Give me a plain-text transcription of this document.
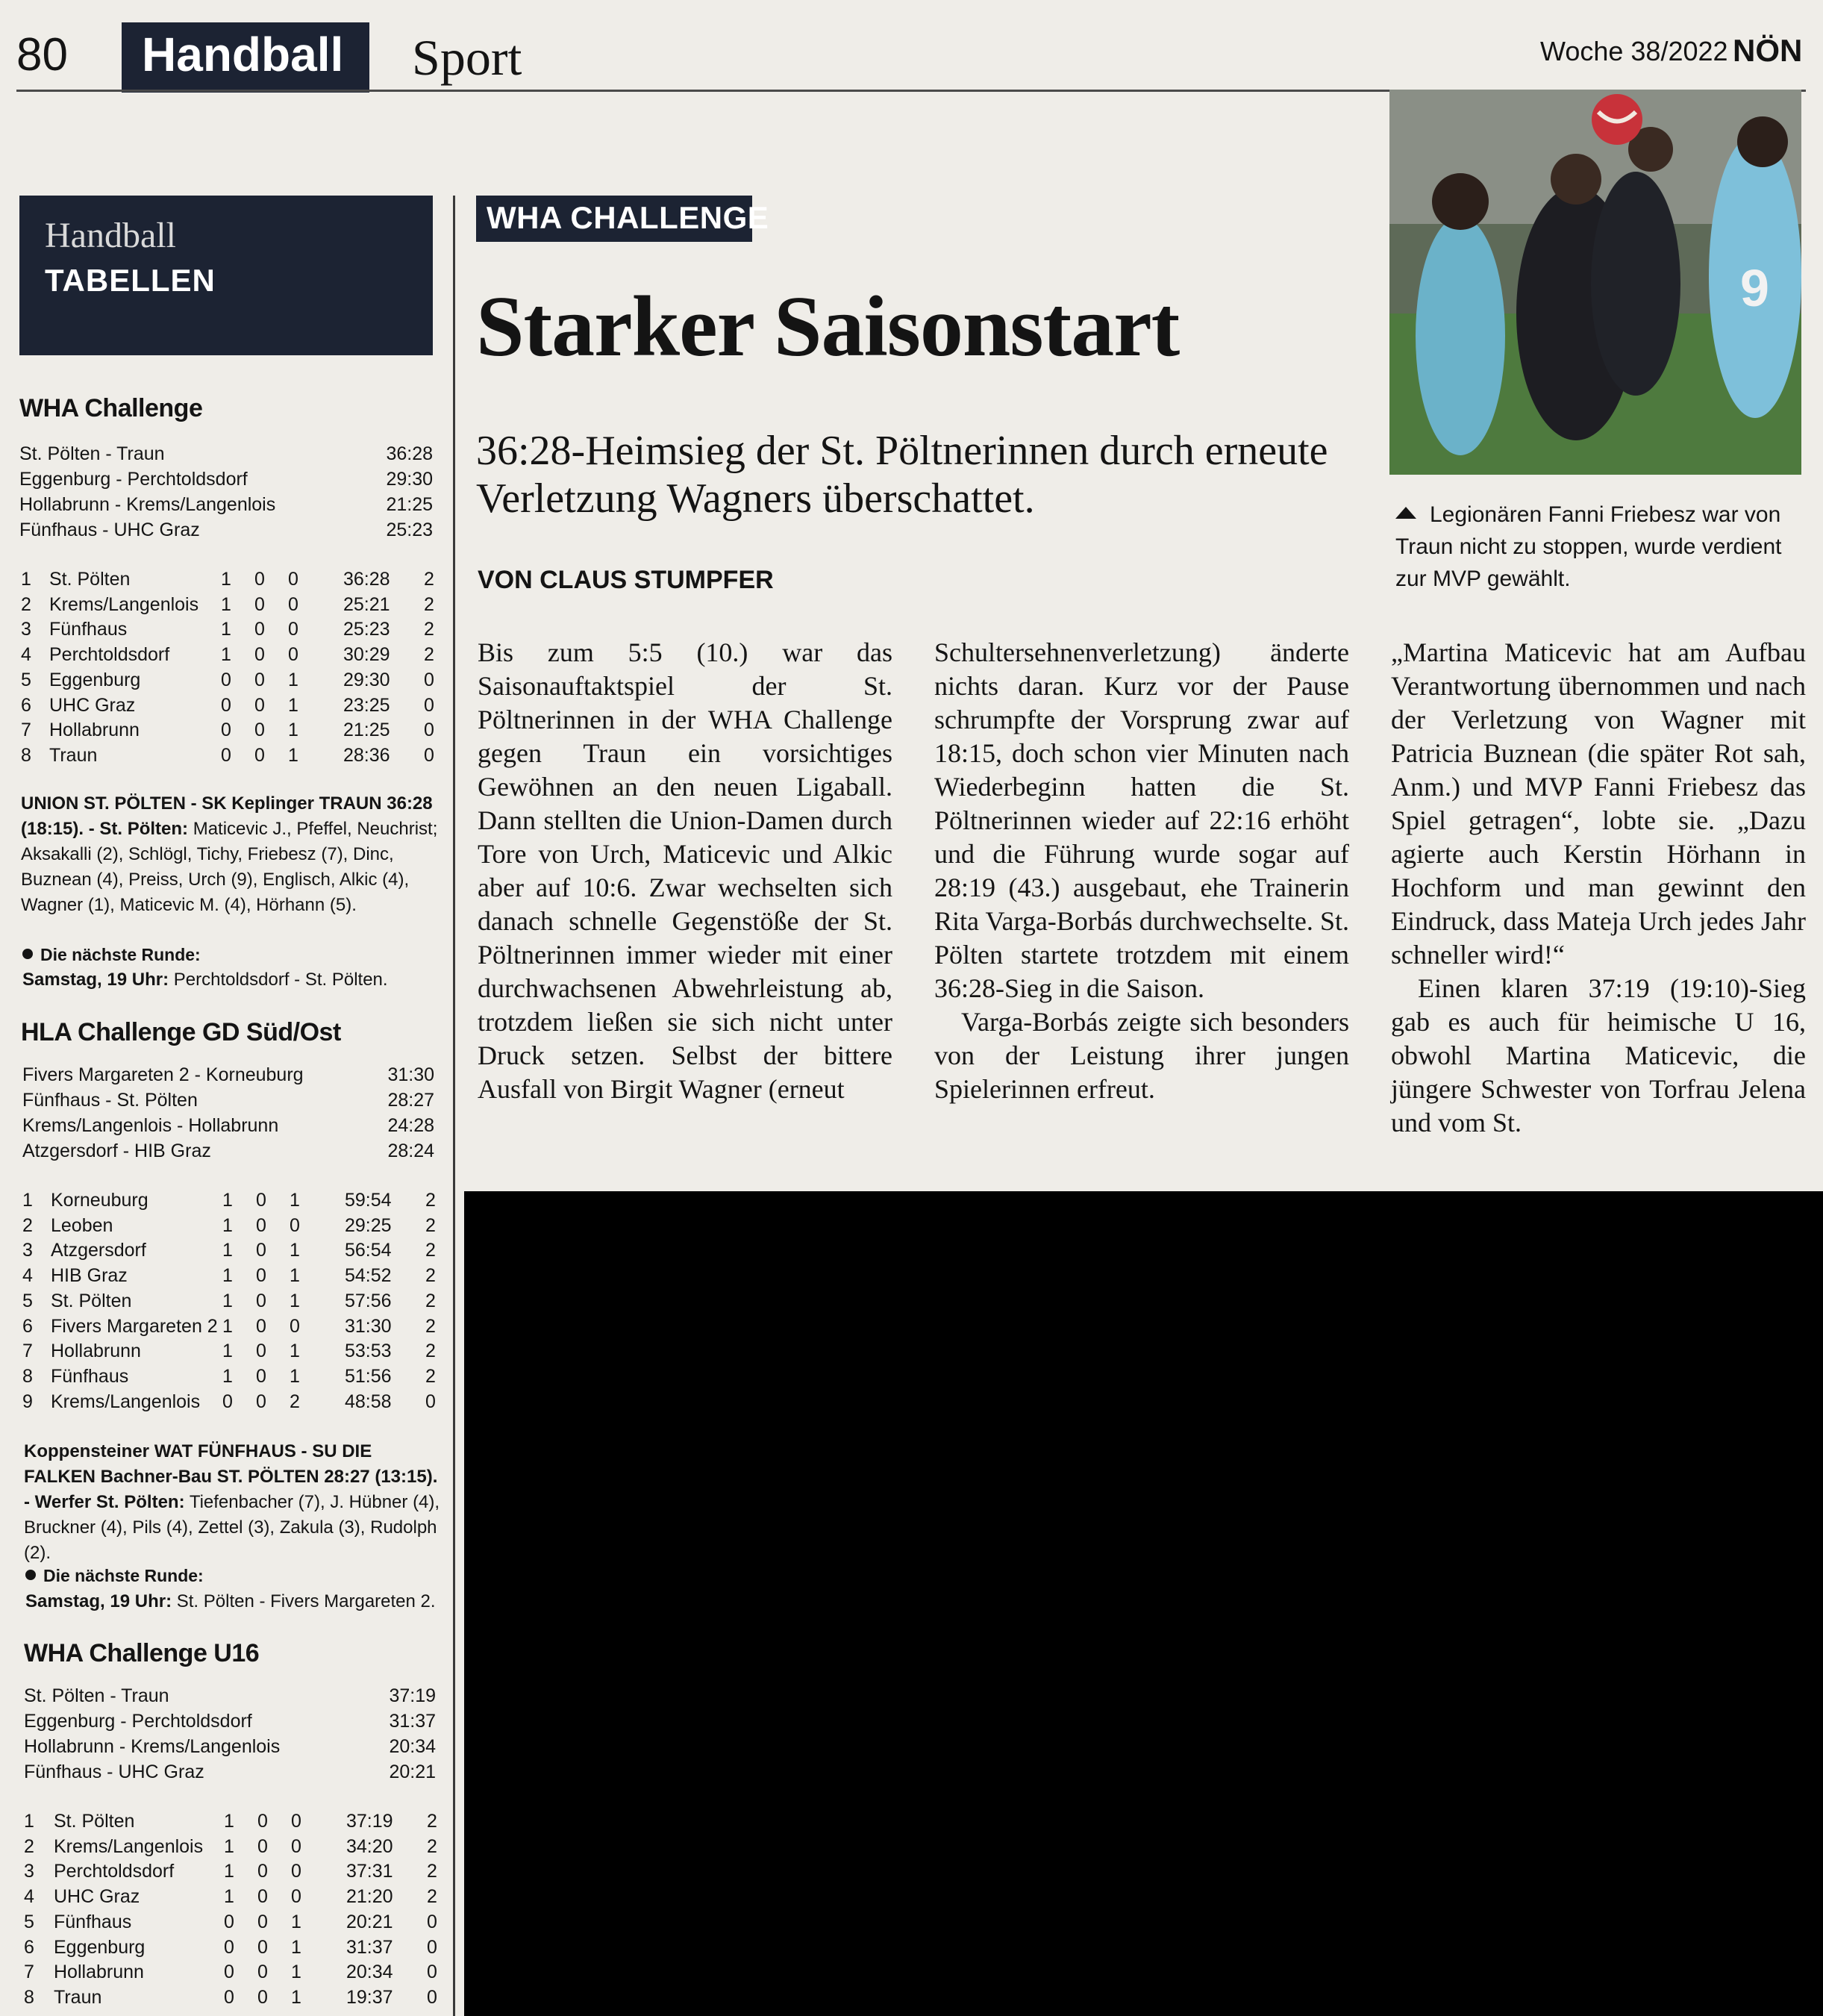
80 Handball Sport	Woche 38/2022 NÖN
Handball
TABELLEN
WHA Challenge
St. Pölten - Traun	36:28
Eggenburg - Perchtoldsdorf	29:30
Hollabrunn - Krems/Langenlois	21:25
Fünfhaus - UHC Graz	25:23
1 St. Pölten	1 0 0 36:28 2
2 Krems/Langenlois 1 0 0 25:21 2
3 Fünfhaus	1 0 0 25:23 2
4 Perchtoldsdorf	1 0 0 30:29 2
5 Eggenburg	0 0 1 29:30 0
6 UHC Graz	0 0 1 23:25 0
7 Hollabrunn	0 0 1 21:25 0
8 Traun	0 0 1 28:36 0
UNION ST. PÖLTEN - SK Keplinger TRAUN 36:28 (18:15). - St. Pölten: Maticevic J., Pfeffel, Neuchrist; Aksakalli (2), Schlögl, Tichy, Friebesz (7), Dinc, Buznean (4), Preiss, Urch (9), Englisch, Alkic (4), Wagner (1), Maticevic M. (4), Hörhann (5).
Die nächste Runde:
Samstag, 19 Uhr: Perchtoldsdorf - St. Pölten.
HLA Challenge GD Süd/Ost
Fivers Margareten 2 - Korneuburg	31:30
Fünfhaus - St. Pölten	28:27
Krems/Langenlois - Hollabrunn	24:28
Atzgersdorf - HIB Graz	28:24
1 Korneuburg	1 0 1 59:54 2
2 Leoben	1 0 0 29:25 2
3 Atzgersdorf	1 0 1 56:54 2
4 HIB Graz	1 0 1 54:52 2
5 St. Pölten	1 0 1 57:56 2
6 Fivers Margareten 2 1 0 0 31:30 2
7 Hollabrunn	1 0 1 53:53 2
8 Fünfhaus	1 0 1 51:56 2
9 Krems/Langenlois 0 0 2 48:58 0
Koppensteiner WAT FÜNFHAUS - SU DIE FALKEN Bachner-Bau ST. PÖLTEN 28:27 (13:15). - Werfer St. Pölten: Tiefenbacher (7), J. Hübner (4), Bruckner (4), Pils (4), Zettel (3), Zakula (3), Rudolph (2).
Die nächste Runde:
Samstag, 19 Uhr: St. Pölten - Fivers Margareten 2.
WHA Challenge U16
St. Pölten - Traun	37:19
Eggenburg - Perchtoldsdorf	31:37
Hollabrunn - Krems/Langenlois	20:34
Fünfhaus - UHC Graz	20:21
1 St. Pölten	1 0 0 37:19 2
2 Krems/Langenlois 1 0 0 34:20 2
3 Perchtoldsdorf	1 0 0 37:31 2
4 UHC Graz	1 0 0 21:20 2
5 Fünfhaus	0 0 1 20:21 0
6 Eggenburg	0 0 1 31:37 0
7 Hollabrunn	0 0 1 20:34 0
8 Traun	0 0 1 19:37 0
WHA CHALLENGE
Starker Saisonstart
36:28-Heimsieg der St. Pöltnerinnen durch erneute Verletzung Wagners überschattet.
VON CLAUS STUMPFER

Bis zum 5:5 (10.) war das Saisonauftaktspiel der St. Pöltnerinnen in der WHA Challenge gegen Traun ein vorsichtiges Gewöhnen an den neuen Ligaball. Dann stellten die Union-Damen durch Tore von Urch, Maticevic und Alkic aber auf 10:6. Zwar wechselten sich danach schnelle Gegenstöße der St. Pöltnerinnen immer wieder mit einer durchwachsenen Abwehrleistung ab, trotzdem ließen sie sich nicht unter Druck setzen. Selbst der bittere Ausfall von Birgit Wagner (erneut

Schultersehnenverletzung) änderte nichts daran. Kurz vor der Pause schrumpfte der Vorsprung zwar auf 18:15, doch schon vier Minuten nach Wiederbeginn hatten die St. Pöltnerinnen wieder auf 22:16 erhöht und die Führung wurde sogar auf 28:19 (43.) ausgebaut, ehe Trainerin Rita Varga-Borbás durchwechselte. St. Pölten startete trotzdem mit einem 36:28-Sieg in die Saison.

Varga-Borbás zeigte sich besonders von der Leistung ihrer jungen Spielerinnen erfreut.

„Martina Maticevic hat am Aufbau Verantwortung übernommen und nach der Verletzung von Wagner mit Patricia Buznean (die später Rot sah, Anm.) und MVP Fanni Friebesz das Spiel getragen“, lobte sie. „Dazu agierte auch Kerstin Hörhann in Hochform und man gewinnt den Eindruck, dass Mateja Urch jedes Jahr schneller wird!“

Einen klaren 37:19 (19:10)-Sieg gab es auch für heimische U 16, obwohl Martina Maticevic, die jüngere Schwester von Torfrau Jelena und vom St.

9
Legionären Fanni Friebesz war von Traun nicht zu stoppen, wurde verdient zur MVP gewählt.
